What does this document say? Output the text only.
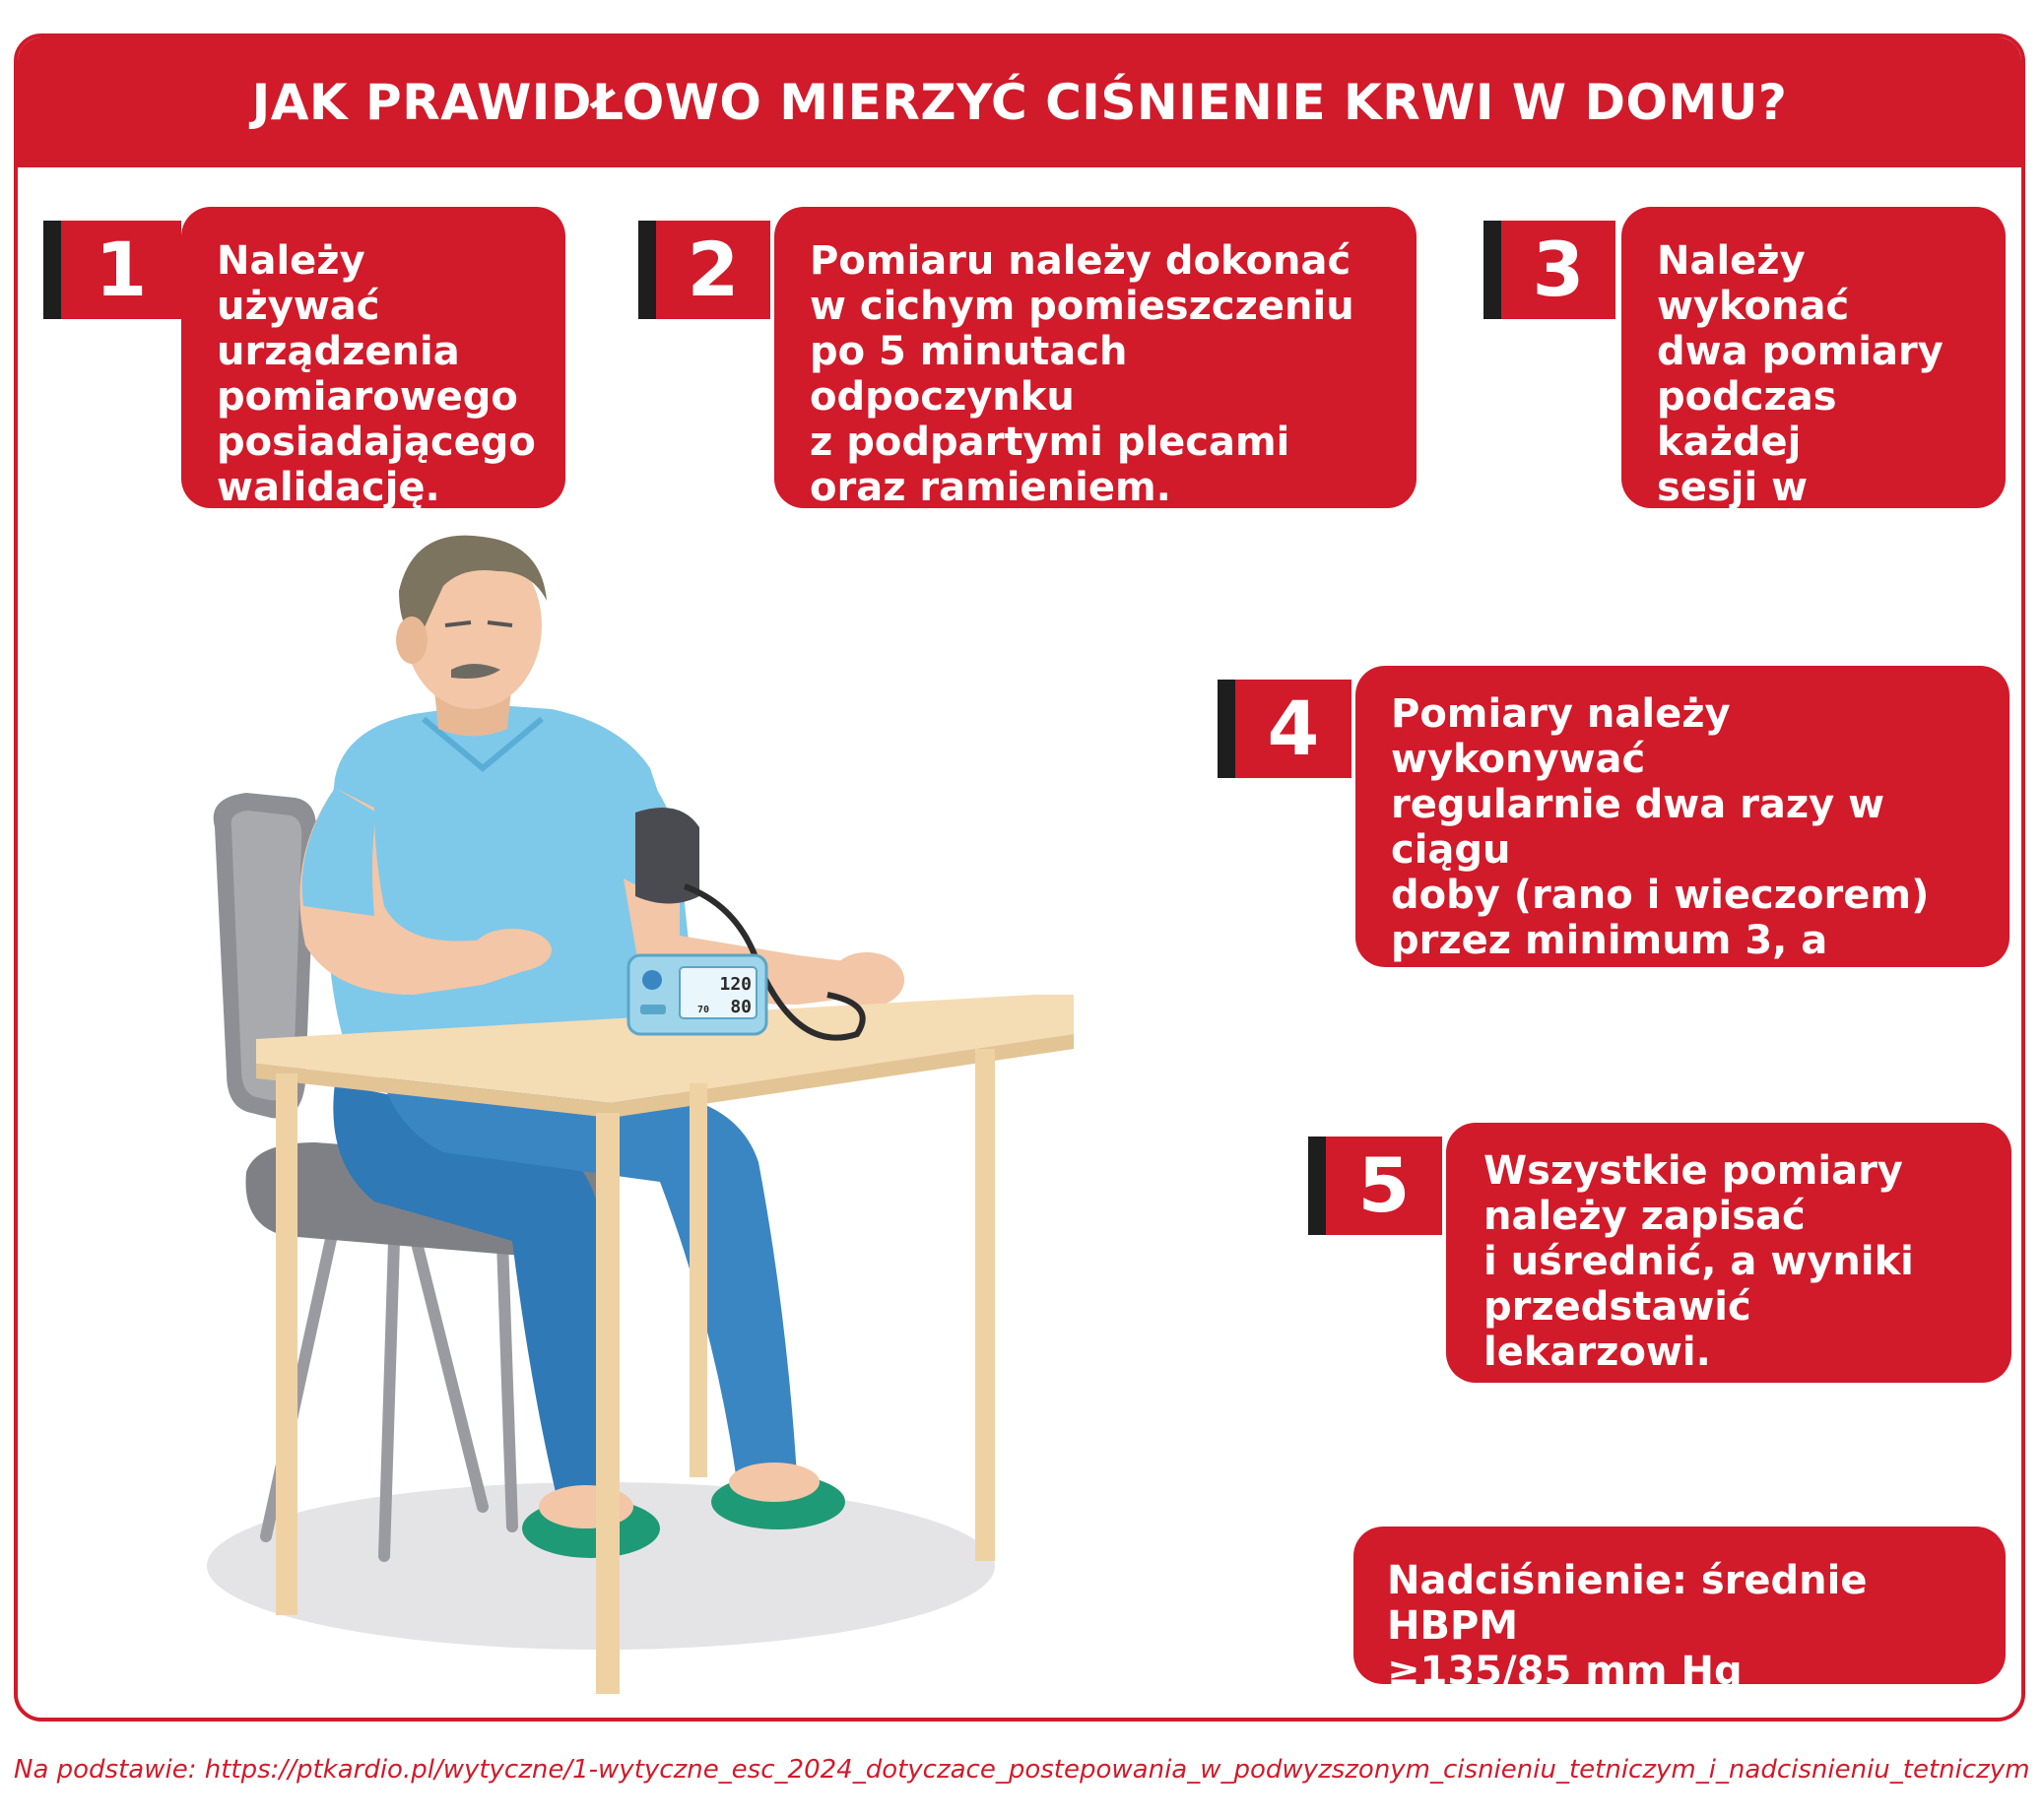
JAK PRAWIDŁOWO MIERZYĆ CIŚNIENIE KRWI W DOMU?
Należy używać
urządzenia
pomiarowego
posiadającego
walidację.
1	Pomiaru należy dokonać
w cichym pomieszczeniu
po 5 minutach odpoczynku
z podpartymi plecami
oraz ramieniem.
2	Należy wykonać
dwa pomiary
podczas każdej
sesji w odstępie
1–2 minut.
3
Pomiary należy wykonywać
regularnie dwa razy w ciągu
doby (rano i wieczorem)
przez minimum 3, a idealnie
7 dni.
4
Wszystkie pomiary
należy zapisać
i uśrednić, a wyniki
przedstawić lekarzowi.
5
Nadciśnienie: średnie HBPM
≥135/85 mm Hg
120
80
70
Na podstawie: https://ptkardio.pl/wytyczne/1-wytyczne_esc_2024_dotyczace_postepowania_w_podwyzszonym_cisnieniu_tetniczym_i_nadcisnieniu_tetniczym
